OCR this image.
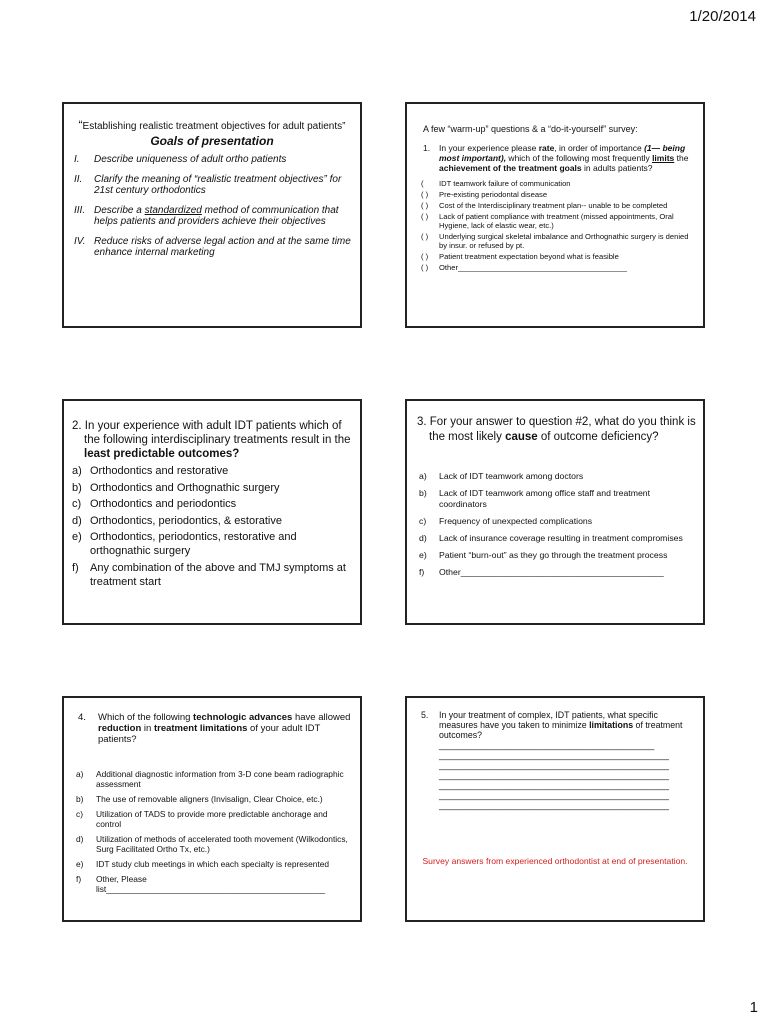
1/20/2014
“Establishing realistic treatment objectives for adult patients”
Goals of presentation
I.	Describe uniqueness of adult ortho patients
II.	Clarify the meaning of “realistic treatment objectives” for 21st century orthodontics
III. Describe a standardized method of communication that helps patients and providers achieve their objectives
IV. Reduce risks of adverse legal action and at the same time enhance internal marketing
A few “warm-up” questions & a “do-it-yourself” survey:
1.	In your experience please rate, in order of importance (1— being most important), which of the following most frequently limits the achievement of the treatment goals in adults patients?
(	IDT teamwork failure of communication
( )	Pre-existing periodontal disease
( )	Cost of the Interdisciplinary treatment plan-- unable to be completed
( )	Lack of patient compliance with treatment (missed appointments, Oral Hygiene, lack of elastic wear, etc.)
( )	Underlying surgical skeletal imbalance and Orthognathic surgery is denied by insur. or refused by pt.
( )	Patient treatment expectation beyond what is feasible
( )	Other________________________________________
2. In your experience with adult IDT patients which of the following interdisciplinary treatments result in the least predictable outcomes?
a) Orthodontics and restorative
b) Orthodontics and Orthognathic surgery
c) Orthodontics and periodontics
d) Orthodontics, periodontics, & estorative
e) Orthodontics, periodontics, restorative and orthognathic surgery
f)	Any combination of the above and TMJ symptoms at treatment start
3. For your answer to question #2, what do you think is the most likely cause of outcome deficiency?
a)	Lack of IDT teamwork among doctors
b)	Lack of IDT teamwork among office staff and treatment coordinators
c)	Frequency of unexpected complications
d)	Lack of insurance coverage resulting in treatment compromises
e)	Patient “burn-out” as they go through the treatment process
f)	Other__________________________________________
4.	Which of the following technologic advances have allowed reduction in treatment limitations of your adult IDT patients?
a)	Additional diagnostic information from 3-D cone beam radiographic assessment
b)	The use of removable aligners (Invisalign, Clear Choice, etc.)
c)	Utilization of TADS to provide more predictable anchorage and control
d)	Utilization of methods of accelerated tooth movement (Wilkodontics, Surg Facilitated Ortho Tx, etc.)
e)	IDT study club meetings in which each specialty is represented
f)	Other, Please list_______________________________________________
5.	In your treatment of complex, IDT patients, what specific measures have you taken to minimize limitations of treatment outcomes?____________________________________________
_______________________________________________
_______________________________________________
_______________________________________________
_______________________________________________
_______________________________________________
_______________________________________________
Survey answers from experienced orthodontist at end of presentation.
1
